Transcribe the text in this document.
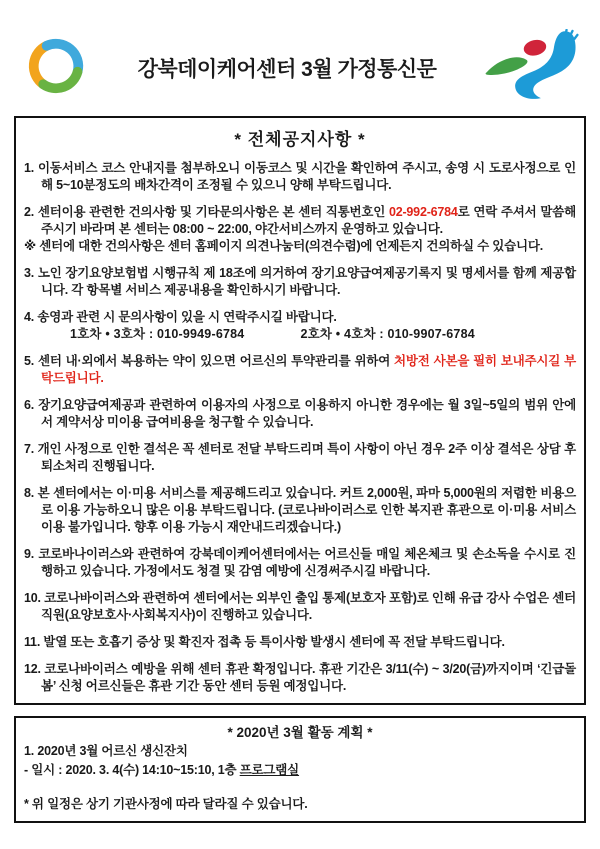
강북데이케어센터 3월 가정통신문
* 전체공지사항 *
1. 이동서비스 코스 안내지를 첨부하오니 이동코스 및 시간을 확인하여 주시고, 송영 시 도로사정으로 인해 5~10분정도의 배차간격이 조정될 수 있으니 양해 부탁드립니다.
2. 센터이용 관련한 건의사항 및 기타문의사항은 본 센터 직통번호인 02-992-6784로 연락 주셔서 말씀해주시기 바라며 본 센터는 08:00 ~ 22:00, 야간서비스까지 운영하고 있습니다.
※ 센터에 대한 건의사항은 센터 홈페이지 의견나눔터(의견수렴)에 언제든지 건의하실 수 있습니다.
3. 노인 장기요양보험법 시행규칙 제 18조에 의거하여 장기요양급여제공기록지 및 명세서를 함께 제공합니다. 각 항목별 서비스 제공내용을 확인하시기 바랍니다.
4. 송영과 관련 시 문의사항이 있을 시 연락주시길 바랍니다.
1호차 • 3호차 : 010-9949-6784	2호차 • 4호차 : 010-9907-6784
5. 센터 내·외에서 복용하는 약이 있으면 어르신의 투약관리를 위하여 처방전 사본을 필히 보내주시길 부탁드립니다.
6. 장기요양급여제공과 관련하여 이용자의 사정으로 이용하지 아니한 경우에는 월 3일~5일의 범위 안에서 계약서상 미이용 급여비용을 청구할 수 있습니다.
7. 개인 사정으로 인한 결석은 꼭 센터로 전달 부탁드리며 특이 사항이 아닌 경우 2주 이상 결석은 상담 후 퇴소처리 진행됩니다.
8. 본 센터에서는 이·미용 서비스를 제공해드리고 있습니다. 커트 2,000원, 파마 5,000원의 저렴한 비용으로 이용 가능하오니 많은 이용 부탁드립니다. (코로나바이러스로 인한 복지관 휴관으로 이·미용 서비스 이용 불가입니다. 향후 이용 가능시 재안내드리겠습니다.)
9. 코로바나이러스와 관련하여 강북데이케어센터에서는 어르신들 매일 체온체크 및 손소독을 수시로 진행하고 있습니다. 가정에서도 청결 및 감염 예방에 신경써주시길 바랍니다.
10. 코로나바이러스와 관련하여 센터에서는 외부인 출입 통제(보호자 포함)로 인해 유급 강사 수업은 센터 직원(요양보호사·사회복지사)이 진행하고 있습니다.
11. 발열 또는 호흡기 증상 및 확진자 접촉 등 특이사항 발생시 센터에 꼭 전달 부탁드립니다.
12. 코로나바이러스 예방을 위해 센터 휴관 확정입니다. 휴관 기간은 3/11(수) ~ 3/20(금)까지이며 ‘긴급돌봄’ 신청 어르신들은 휴관 기간 동안 센터 등원 예정입니다.
* 2020년 3월 활동 계획 *
1. 2020년 3월 어르신 생신잔치
- 일시 : 2020. 3. 4(수) 14:10~15:10, 1층 프로그램실
* 위 일정은 상기 기관사정에 따라 달라질 수 있습니다.
